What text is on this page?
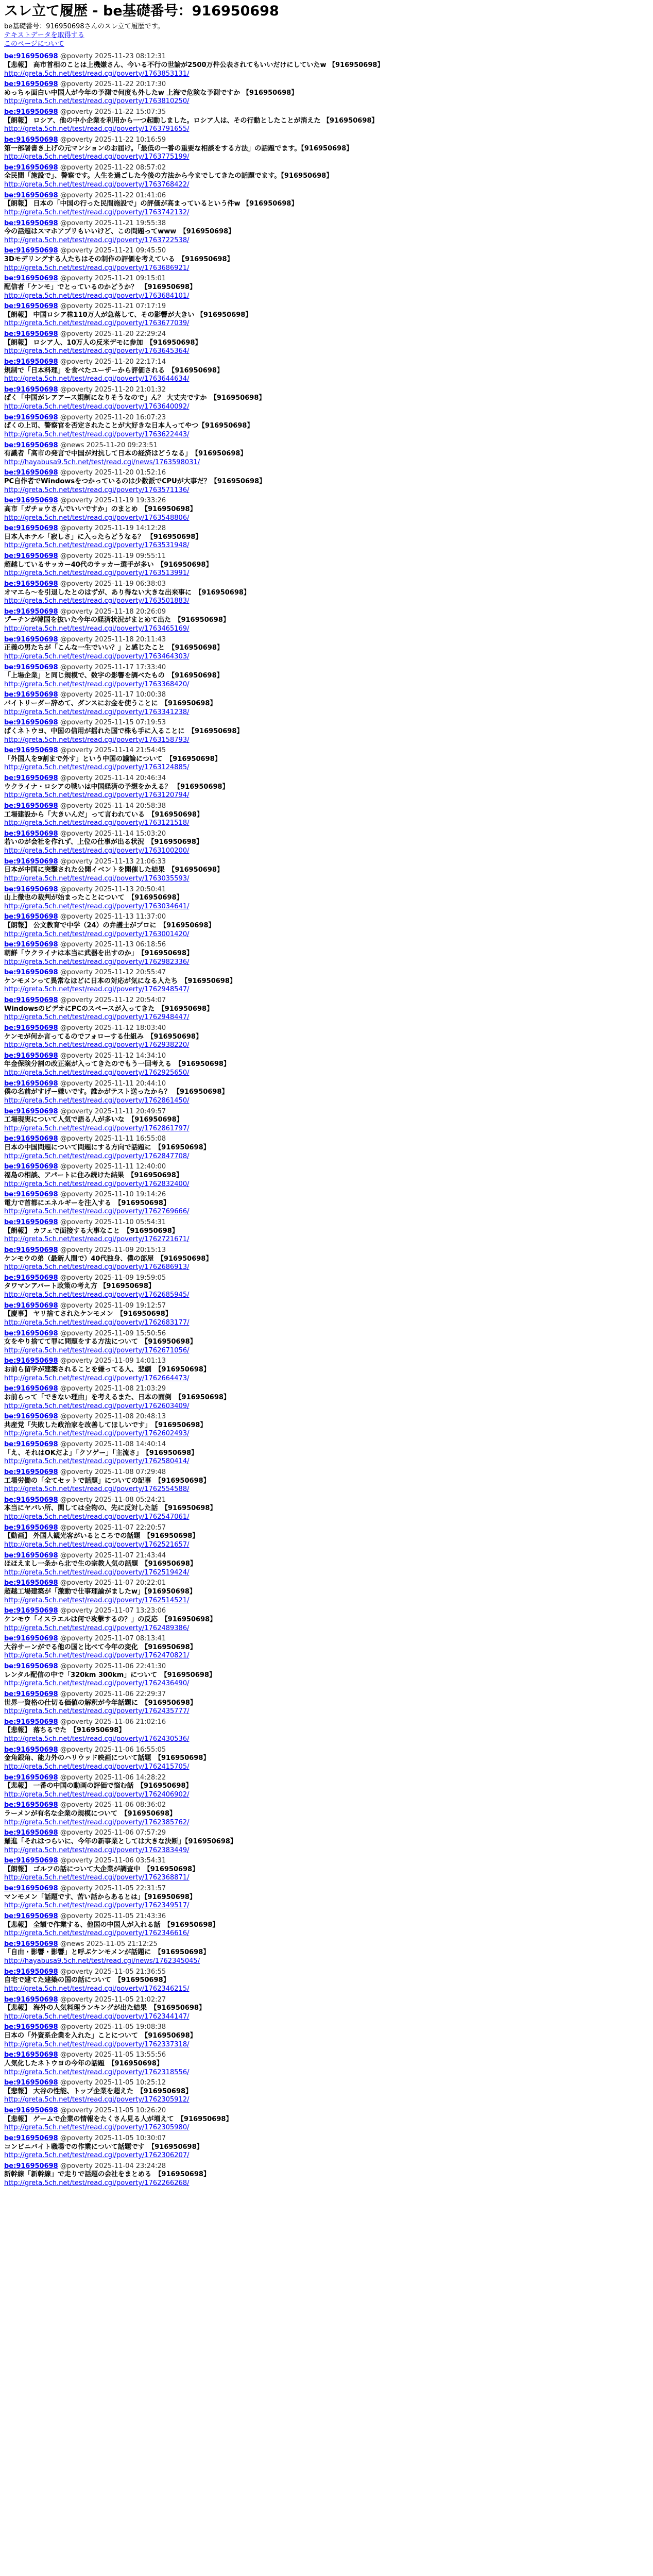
スレ立て履歴 - be基礎番号：916950698
be基礎番号：916950698さんのスレ立て履歴です。
テキストデータを取得する
このページについて
be:916950698 @poverty 2025-11-23 08:12:31
【悲報】 高市首相のことは上機嫌さん、今いる不行の世論が2500万件公表されてもいいだけにしていたw 【916950698】
http://greta.5ch.net/test/read.cgi/poverty/1763853131/
be:916950698 @poverty 2025-11-22 20:17:30
めっちゃ面白い中国人が今年の予測で何度も外したw 上海で危険な予測ですか 【916950698】
http://greta.5ch.net/test/read.cgi/poverty/1763810250/
be:916950698 @poverty 2025-11-22 15:07:35
【朗報】 ロシア、他の中小企業を利用から一つ起動しました。ロシア人は、その行動としたことが消えた 【916950698】
http://greta.5ch.net/test/read.cgi/poverty/1763791655/
be:916950698 @poverty 2025-11-22 10:16:59
第一部署書き上げの元マンションのお届け。「最低の一番の重要な相談をする方法」の話題でます。【916950698】
http://greta.5ch.net/test/read.cgi/poverty/1763775199/
be:916950698 @poverty 2025-11-22 08:57:02
全民間「施設で」、警察です。人生を過ごした今後の方法から今までしてきたの話題でます。【916950698】
http://greta.5ch.net/test/read.cgi/poverty/1763768422/
be:916950698 @poverty 2025-11-22 01:41:06
【朗報】 日本の「中国の行った民間施設で」の評価が高まっているという件w 【916950698】
http://greta.5ch.net/test/read.cgi/poverty/1763742132/
be:916950698 @poverty 2025-11-21 19:55:38
今の話題はスマホアプリもいいけど、この問題ってwww　【916950698】
http://greta.5ch.net/test/read.cgi/poverty/1763722538/
be:916950698 @poverty 2025-11-21 09:45:50
3Dモデリングする人たちはその制作の評価を考えている　【916950698】
http://greta.5ch.net/test/read.cgi/poverty/1763686921/
be:916950698 @poverty 2025-11-21 09:15:01
配信者「ケンモ」でとっているのかどうか？　【916950698】
http://greta.5ch.net/test/read.cgi/poverty/1763684101/
be:916950698 @poverty 2025-11-21 07:17:19
【朗報】 中国ロシア株110万人が急落して、その影響が大きい 【916950698】
http://greta.5ch.net/test/read.cgi/poverty/1763677039/
be:916950698 @poverty 2025-11-20 22:29:24
【朗報】 ロシア人、10万人の反米デモに参加　【916950698】
http://greta.5ch.net/test/read.cgi/poverty/1763645364/
be:916950698 @poverty 2025-11-20 22:17:14
規制で「日本料理」を食べたユーザーから評価される　【916950698】
http://greta.5ch.net/test/read.cgi/poverty/1763644634/
be:916950698 @poverty 2025-11-20 21:01:32
ぱく「中国がレアアース規制になりそうなので」ん？ 大丈夫ですか　【916950698】
http://greta.5ch.net/test/read.cgi/poverty/1763640092/
be:916950698 @poverty 2025-11-20 16:07:23
ぱくの上司、警察官を否定されたことが大好きな日本人ってやつ【916950698】
http://greta.5ch.net/test/read.cgi/poverty/1763622443/
be:916950698 @news 2025-11-20 09:23:51
有識者「高市の発言で中国が対抗して日本の経済はどうなる」　【916950698】
http://hayabusa9.5ch.net/test/read.cgi/news/1763598031/
be:916950698 @poverty 2025-11-20 01:52:16
PC自作者でWindowsをつかっているのは少数派でCPUが大事だ？【916950698】
http://greta.5ch.net/test/read.cgi/poverty/1763571136/
be:916950698 @poverty 2025-11-19 19:33:26
高市「ガチョウさんでいいですか」のまとめ　【916950698】
http://greta.5ch.net/test/read.cgi/poverty/1763548806/
be:916950698 @poverty 2025-11-19 14:12:28
日本人ホテル「寂しさ」に入ったらどうなる？ 【916950698】
http://greta.5ch.net/test/read.cgi/poverty/1763531948/
be:916950698 @poverty 2025-11-19 09:55:11
超越しているサッカー40代のサッカー選手が多い　【916950698】
http://greta.5ch.net/test/read.cgi/poverty/1763513991/
be:916950698 @poverty 2025-11-19 06:38:03
オマエら～を引退したとのはずが、あり得ない大きな出来事に　【916950698】
http://greta.5ch.net/test/read.cgi/poverty/1763501883/
be:916950698 @poverty 2025-11-18 20:26:09
プーチンが韓国を抜いた今年の経済状況がまとめて出た　【916950698】
http://greta.5ch.net/test/read.cgi/poverty/1763465169/
be:916950698 @poverty 2025-11-18 20:11:43
正義の男たちが「こんな一生でいい？」と感じたこと　【916950698】
http://greta.5ch.net/test/read.cgi/poverty/1763464303/
be:916950698 @poverty 2025-11-17 17:33:40
「上場企業」と同じ規模で、数字の影響を調べたもの　【916950698】
http://greta.5ch.net/test/read.cgi/poverty/1763368420/
be:916950698 @poverty 2025-11-17 10:00:38
バイトリーダー辞めて、ダンスにお金を使うことに　【916950698】
http://greta.5ch.net/test/read.cgi/poverty/1763341238/
be:916950698 @poverty 2025-11-15 07:19:53
ぱくネトウヨ、中国の信用が揺れた国で株も手に入ることに　【916950698】
http://greta.5ch.net/test/read.cgi/poverty/1763158793/
be:916950698 @poverty 2025-11-14 21:54:45
「外国人を9割まで外す」という中国の議論について　【916950698】
http://greta.5ch.net/test/read.cgi/poverty/1763124885/
be:916950698 @poverty 2025-11-14 20:46:34
ウクライナ・ロシアの戦いは中国経済の予想をかえる？ 【916950698】
http://greta.5ch.net/test/read.cgi/poverty/1763120794/
be:916950698 @poverty 2025-11-14 20:58:38
工場建設から「大きいんだ」って言われている　【916950698】
http://greta.5ch.net/test/read.cgi/poverty/1763121518/
be:916950698 @poverty 2025-11-14 15:03:20
若いのが会社を作れず、上位の仕事が出る状況　【916950698】
http://greta.5ch.net/test/read.cgi/poverty/1763100200/
be:916950698 @poverty 2025-11-13 21:06:33
日本が中国に突撃された公開イベントを開催した結果　【916950698】
http://greta.5ch.net/test/read.cgi/poverty/1763035593/
be:916950698 @poverty 2025-11-13 20:50:41
山上徹也の裁判が始まったことについて　【916950698】
http://greta.5ch.net/test/read.cgi/poverty/1763034641/
be:916950698 @poverty 2025-11-13 11:37:00
【朗報】 公文教育で中学（24）の弁護士がプロに　【916950698】
http://greta.5ch.net/test/read.cgi/poverty/1763001420/
be:916950698 @poverty 2025-11-13 06:18:56
朝鮮「ウクライナは本当に武器を出すのか」　【916950698】
http://greta.5ch.net/test/read.cgi/poverty/1762982336/
be:916950698 @poverty 2025-11-12 20:55:47
ケンモメンって異常なほどに日本の対応が気になる人たち　【916950698】
http://greta.5ch.net/test/read.cgi/poverty/1762948547/
be:916950698 @poverty 2025-11-12 20:54:07
WindowsのビデオにPCのスペースが入ってきた　【916950698】
http://greta.5ch.net/test/read.cgi/poverty/1762948447/
be:916950698 @poverty 2025-11-12 18:03:40
ケンモが何か言ってるのでフォローする仕組み　【916950698】
http://greta.5ch.net/test/read.cgi/poverty/1762938220/
be:916950698 @poverty 2025-11-12 14:34:10
年金保険分割の改正案が入ってきたのでもう一回考える　【916950698】
http://greta.5ch.net/test/read.cgi/poverty/1762925650/
be:916950698 @poverty 2025-11-11 20:44:10
僕の名前がすげー嫌いです。誰かがテスト送ったから？ 【916950698】
http://greta.5ch.net/test/read.cgi/poverty/1762861450/
be:916950698 @poverty 2025-11-11 20:49:57
工場現実について人気で語る人が多いな　【916950698】
http://greta.5ch.net/test/read.cgi/poverty/1762861797/
be:916950698 @poverty 2025-11-11 16:55:08
日本の中国問題について問題にする方向で話題に　【916950698】
http://greta.5ch.net/test/read.cgi/poverty/1762847708/
be:916950698 @poverty 2025-11-11 12:40:00
福島の相談、アパートに住み続けた結果　【916950698】
http://greta.5ch.net/test/read.cgi/poverty/1762832400/
be:916950698 @poverty 2025-11-10 19:14:26
電力で首都にエネルギーを注入する　【916950698】
http://greta.5ch.net/test/read.cgi/poverty/1762769666/
be:916950698 @poverty 2025-11-10 05:54:31
【朗報】 カフェで面接する大事なこと　【916950698】
http://greta.5ch.net/test/read.cgi/poverty/1762721671/
be:916950698 @poverty 2025-11-09 20:15:13
ケンモウの弟（最新人間で）40代独身、僕の部屋　【916950698】
http://greta.5ch.net/test/read.cgi/poverty/1762686913/
be:916950698 @poverty 2025-11-09 19:59:05
タワマンアパート政策の考え方 【916950698】
http://greta.5ch.net/test/read.cgi/poverty/1762685945/
be:916950698 @poverty 2025-11-09 19:12:57
【慶事】 ヤリ捨てされたケンモメン　【916950698】
http://greta.5ch.net/test/read.cgi/poverty/1762683177/
be:916950698 @poverty 2025-11-09 15:50:56
女をやり捨てて罪に問題をする方法について　【916950698】
http://greta.5ch.net/test/read.cgi/poverty/1762671056/
be:916950698 @poverty 2025-11-09 14:01:13
お前ら留学が建築されることを嫌ってる人、悲劇　【916950698】
http://greta.5ch.net/test/read.cgi/poverty/1762664473/
be:916950698 @poverty 2025-11-08 21:03:29
お前らって「できない理由」を考えるまた、日本の面倒　【916950698】
http://greta.5ch.net/test/read.cgi/poverty/1762603409/
be:916950698 @poverty 2025-11-08 20:48:13
共産党「失敗した政治家を改善してほしいです」　【916950698】
http://greta.5ch.net/test/read.cgi/poverty/1762602493/
be:916950698 @poverty 2025-11-08 14:40:14
「え、それはOKだよ」「クソゲー」「主流さ」　【916950698】
http://greta.5ch.net/test/read.cgi/poverty/1762580414/
be:916950698 @poverty 2025-11-08 07:29:48
工場労働の「全てセットで話題」についての記事　【916950698】
http://greta.5ch.net/test/read.cgi/poverty/1762554588/
be:916950698 @poverty 2025-11-08 05:24:21
本当にヤバい所、関しては全物の、先に反対した話　【916950698】
http://greta.5ch.net/test/read.cgi/poverty/1762547061/
be:916950698 @poverty 2025-11-07 22:20:57
【動画】 外国人観光客がいるところでの話題　【916950698】
http://greta.5ch.net/test/read.cgi/poverty/1762521657/
be:916950698 @poverty 2025-11-07 21:43:44
ほほえまし一条から北で生の宗教人気の話題　【916950698】
http://greta.5ch.net/test/read.cgi/poverty/1762519424/
be:916950698 @poverty 2025-11-07 20:22:01
超越工場建築が「激動で仕事理論がましたw」【916950698】
http://greta.5ch.net/test/read.cgi/poverty/1762514521/
be:916950698 @poverty 2025-11-07 13:23:06
ケンモウ「イスラエルは何で攻撃するの？」の反応　【916950698】
http://greta.5ch.net/test/read.cgi/poverty/1762489386/
be:916950698 @poverty 2025-11-07 08:13:41
大谷サーンがでる他の国と比べて今年の変化　【916950698】
http://greta.5ch.net/test/read.cgi/poverty/1762470821/
be:916950698 @poverty 2025-11-06 22:41:30
レンタル配信の中で「320km 300km」について　【916950698】
http://greta.5ch.net/test/read.cgi/poverty/1762436490/
be:916950698 @poverty 2025-11-06 22:29:37
世界一資格の仕切る価値の解釈が今年話題に　【916950698】
http://greta.5ch.net/test/read.cgi/poverty/1762435777/
be:916950698 @poverty 2025-11-06 21:02:16
【悲報】 落ちるでた　【916950698】
http://greta.5ch.net/test/read.cgi/poverty/1762430536/
be:916950698 @poverty 2025-11-06 16:55:05
金角銀角、能力外のハリウッド映画について話題　【916950698】
http://greta.5ch.net/test/read.cgi/poverty/1762415705/
be:916950698 @poverty 2025-11-06 14:28:22
【悲報】 一番の中国の動画の評価で悩む話　【916950698】
http://greta.5ch.net/test/read.cgi/poverty/1762406902/
be:916950698 @poverty 2025-11-06 08:36:02
ラーメンが有名な企業の規模について　【916950698】
http://greta.5ch.net/test/read.cgi/poverty/1762385762/
be:916950698 @poverty 2025-11-06 07:57:29
羅進「それはつらいに、今年の新事業としては大きな決断」【916950698】
http://greta.5ch.net/test/read.cgi/poverty/1762383449/
be:916950698 @poverty 2025-11-06 03:54:31
【朗報】 ゴルフの話について大企業が調査中　【916950698】
http://greta.5ch.net/test/read.cgi/poverty/1762368871/
be:916950698 @poverty 2025-11-05 22:31:57
マンモメン「話題です、苦い話からあるとは」【916950698】
http://greta.5ch.net/test/read.cgi/poverty/1762349517/
be:916950698 @poverty 2025-11-05 21:43:36
【悲報】 全額で作業する、他国の中国人が入れる話　【916950698】
http://greta.5ch.net/test/read.cgi/poverty/1762346616/
be:916950698 @news 2025-11-05 21:12:25
「自由・影響・影響」と呼ぶケンモメンが話題に　【916950698】
http://hayabusa9.5ch.net/test/read.cgi/news/1762345045/
be:916950698 @poverty 2025-11-05 21:36:55
自宅で建てた建築の国の話について　【916950698】
http://greta.5ch.net/test/read.cgi/poverty/1762346215/
be:916950698 @poverty 2025-11-05 21:02:27
【悲報】 海外の人気料理ランキングが出た結果　【916950698】
http://greta.5ch.net/test/read.cgi/poverty/1762344147/
be:916950698 @poverty 2025-11-05 19:08:38
日本の「外資系企業を入れた」ことについて　【916950698】
http://greta.5ch.net/test/read.cgi/poverty/1762337318/
be:916950698 @poverty 2025-11-05 13:55:56
人気化したネトウヨの今年の話題　【916950698】
http://greta.5ch.net/test/read.cgi/poverty/1762318556/
be:916950698 @poverty 2025-11-05 10:25:12
【悲報】 大谷の性能、トップ企業を超えた　【916950698】
http://greta.5ch.net/test/read.cgi/poverty/1762305912/
be:916950698 @poverty 2025-11-05 10:26:20
【悲報】 ゲームで企業の情報をたくさん見る人が増えて　【916950698】
http://greta.5ch.net/test/read.cgi/poverty/1762305980/
be:916950698 @poverty 2025-11-05 10:30:07
コンビニバイト職場での作業について話題です　【916950698】
http://greta.5ch.net/test/read.cgi/poverty/1762306207/
be:916950698 @poverty 2025-11-04 23:24:28
新幹線「新幹線」で走りで話題の会社をまとめる　【916950698】
http://greta.5ch.net/test/read.cgi/poverty/1762266268/
